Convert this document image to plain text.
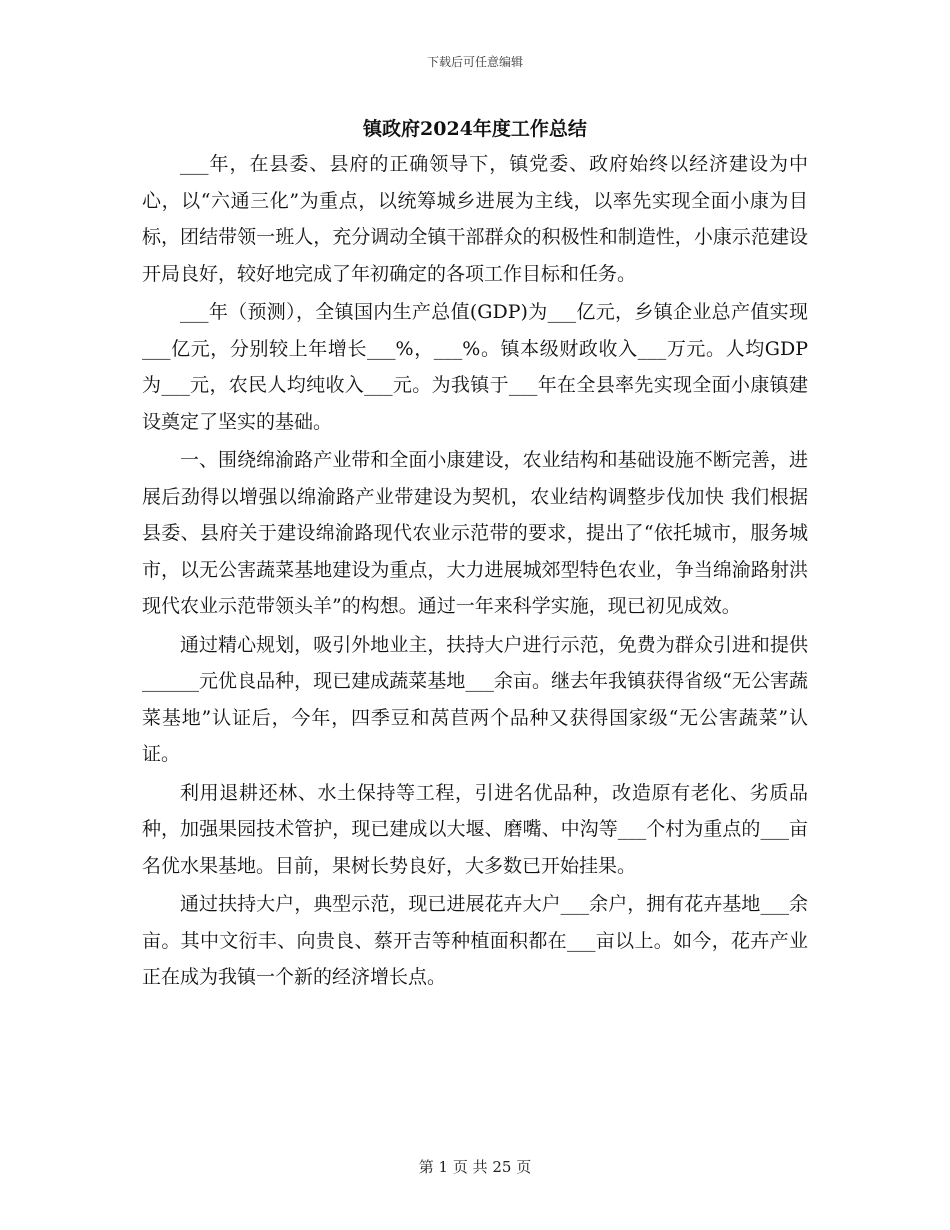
下载后可任意编辑
镇政府2024年度工作总结

___年，在县委、县府的正确领导下，镇党委、政府始终以经济建设为中心，以“六通三化”为重点，以统筹城乡进展为主线，以率先实现全面小康为目标，团结带领一班人，充分调动全镇干部群众的积极性和制造性，小康示范建设开局良好，较好地完成了年初确定的各项工作目标和任务。

___年（预测），全镇国内生产总值(GDP)为___亿元，乡镇企业总产值实现___亿元，分别较上年增长___%，___%。镇本级财政收入___万元。人均GDP为___元，农民人均纯收入___元。为我镇于___年在全县率先实现全面小康镇建设奠定了坚实的基础。

一、围绕绵渝路产业带和全面小康建设，农业结构和基础设施不断完善，进展后劲得以增强以绵渝路产业带建设为契机，农业结构调整步伐加快 我们根据县委、县府关于建设绵渝路现代农业示范带的要求，提出了“依托城市，服务城市，以无公害蔬菜基地建设为重点，大力进展城郊型特色农业，争当绵渝路射洪现代农业示范带领头羊”的构想。通过一年来科学实施，现已初见成效。

通过精心规划，吸引外地业主，扶持大户进行示范，免费为群众引进和提供______元优良品种，现已建成蔬菜基地___余亩。继去年我镇获得省级“无公害蔬菜基地”认证后，今年，四季豆和莴苣两个品种又获得国家级“无公害蔬菜”认证。

利用退耕还林、水土保持等工程，引进名优品种，改造原有老化、劣质品种，加强果园技术管护，现已建成以大堰、磨嘴、中沟等___个村为重点的___亩名优水果基地。目前，果树长势良好，大多数已开始挂果。

通过扶持大户，典型示范，现已进展花卉大户___余户，拥有花卉基地___余亩。其中文衍丰、向贵良、蔡开吉等种植面积都在___亩以上。如今，花卉产业正在成为我镇一个新的经济增长点。

第 1 页 共 25 页
